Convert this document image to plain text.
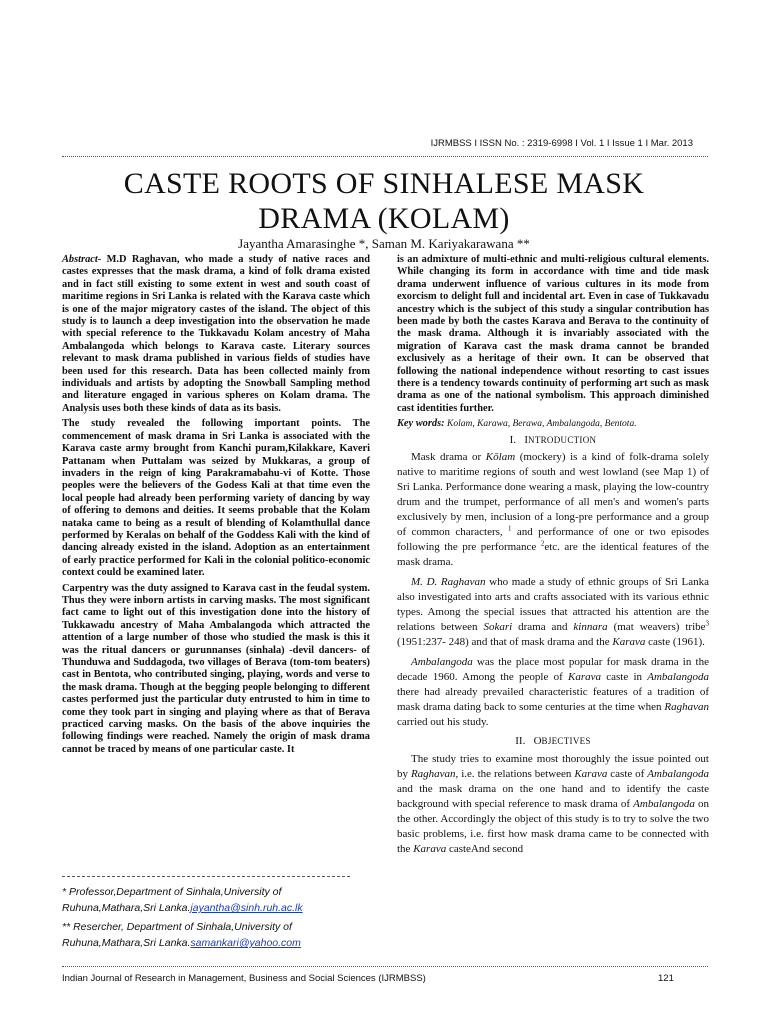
IJRMBSS I ISSN No. : 2319-6998 I Vol. 1 I Issue 1 I Mar. 2013
CASTE ROOTS OF SINHALESE MASK
DRAMA (KOLAM)
Jayantha Amarasinghe *, Saman M. Kariyakarawana **

Abstract- M.D Raghavan, who made a study of native races and castes expresses that the mask drama, a kind of folk drama existed and in fact still existing to some extent in west and south coast of maritime regions in Sri Lanka is related with the Karava caste which is one of the major migratory castes of the island. The object of this study is to launch a deep investigation into the observation he made with special reference to the Tukkavadu Kolam ancestry of Maha Ambalangoda which belongs to Karava caste. Literary sources relevant to mask drama published in various fields of studies have been used for this research. Data has been collected mainly from individuals and artists by adopting the Snowball Sampling method and literature engaged in various spheres on Kolam drama. The Analysis uses both these kinds of data as its basis.

The study revealed the following important points. The commencement of mask drama in Sri Lanka is associated with the Karava caste army brought from Kanchi puram,Kilakkare, Kaveri Pattanam when Puttalam was seized by Mukkaras, a group of invaders in the reign of king Parakramabahu-vi of Kotte. Those peoples were the believers of the Godess Kali at that time even the local people had already been performing variety of dancing by way of offering to demons and deities. It seems probable that the Kolam nataka came to being as a result of blending of Kolamthullal dance performed by Keralas on behalf of the Goddess Kali with the kind of dancing already existed in the island. Adoption as an entertainment of early practice performed for Kali in the colonial politico-economic context could be examined later.

Carpentry was the duty assigned to Karava cast in the feudal system. Thus they were inborn artists in carving masks. The most significant fact came to light out of this investigation done into the history of Tukkawadu ancestry of Maha Ambalangoda which attracted the attention of a large number of those who studied the mask is this it was the ritual dancers or gurunnanses (sinhala) -devil dancers- of Thunduwa and Suddagoda, two villages of Berava (tom-tom beaters) cast in Bentota, who contributed singing, playing, words and verse to the mask drama. Though at the begging people belonging to different castes performed just the particular duty entrusted to him in time to come they took part in singing and playing where as that of Berava practiced carving masks. On the basis of the above inquiries the following findings were reached. Namely the origin of mask drama cannot be traced by means of one particular caste. It

is an admixture of multi-ethnic and multi-religious cultural elements. While changing its form in accordance with time and tide mask drama underwent influence of various cultures in its mode from exorcism to delight full and incidental art. Even in case of Tukkavadu ancestry which is the subject of this study a singular contribution has been made by both the castes Karava and Berava to the continuity of the mask drama. Although it is invariably associated with the migration of Karava cast the mask drama cannot be branded exclusively as a heritage of their own. It can be observed that following the national independence without resorting to cast issues there is a tendency towards continuity of performing art such as mask drama as one of the national symbolism. This approach diminished cast identities further.

Key words: Kolam, Karawa, Berawa, Ambalangoda, Bentota.

I. INTRODUCTION

Mask drama or Kōlam (mockery) is a kind of folk-drama solely native to maritime regions of south and west lowland (see Map 1) of Sri Lanka. Performance done wearing a mask, playing the low-country drum and the trumpet, performance of all men's and women's parts exclusively by men, inclusion of a long-pre performance and a group of common characters, $^1$ and performance of one or two episodes following the pre performance $^2$etc. are the identical features of the mask drama.

M. D. Raghavan who made a study of ethnic groups of Sri Lanka also investigated into arts and crafts associated with its various ethnic types. Among the special issues that attracted his attention are the relations between Sokari drama and kinnara (mat weavers) tribe$^3$ (1951:237- 248) and that of mask drama and the Karava caste (1961).

Ambalangoda was the place most popular for mask drama in the decade 1960. Among the people of Karava caste in Ambalangoda there had already prevailed characteristic features of a tradition of mask drama dating back to some centuries at the time when Raghavan carried out his study.

II. OBJECTIVES

The study tries to examine most thoroughly the issue pointed out by Raghavan, i.e. the relations between Karava caste of Ambalangoda and the mask drama on the one hand and to identify the caste background with special reference to mask drama of Ambalangoda on the other. Accordingly the object of this study is to try to solve the two basic problems, i.e. first how mask drama came to be connected with the Karava casteAnd second

* Professor,Department of Sinhala,University of Ruhuna,Mathara,Sri Lanka.jayantha@sinh.ruh.ac.lk
** Resercher, Department of Sinhala,University of Ruhuna,Mathara,Sri Lanka.samankari@yahoo.com
Indian Journal of Research in Management, Business and Social Sciences (IJRMBSS)	121
